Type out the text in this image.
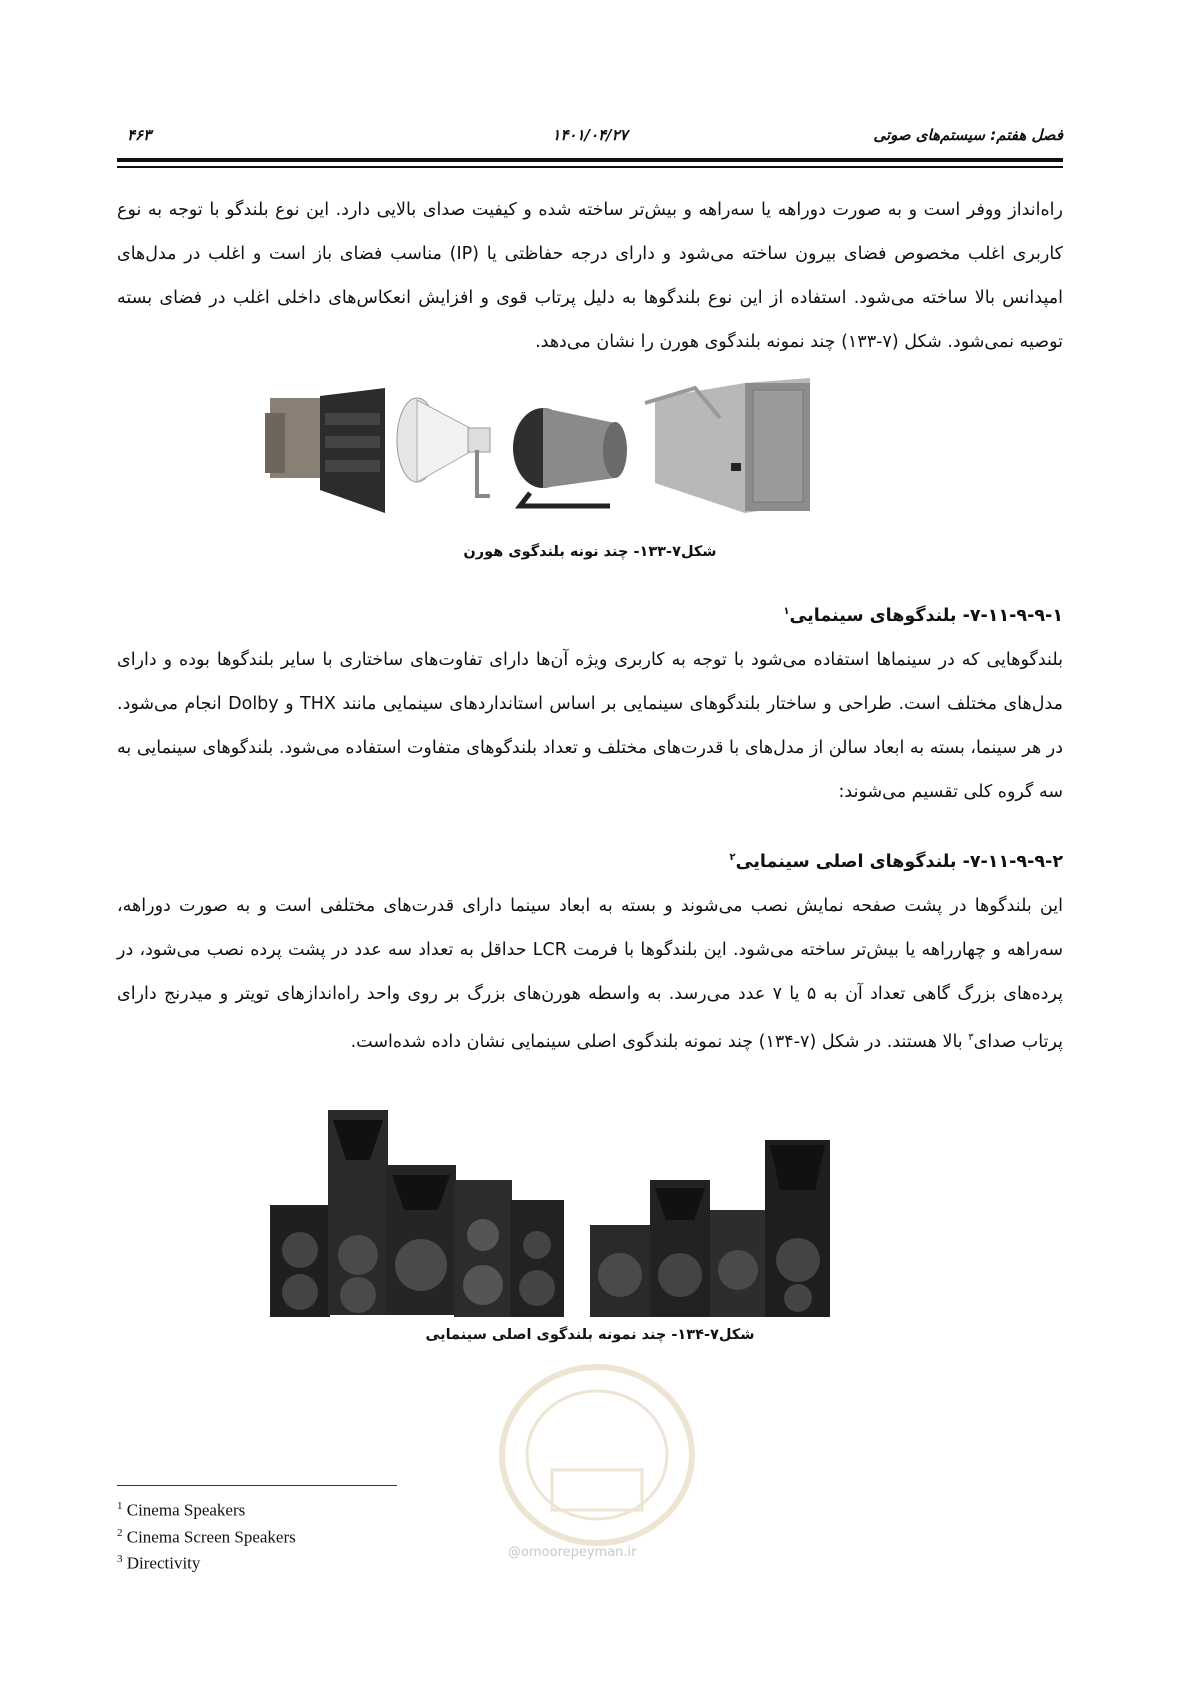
فصل هفتم: سیستم‌های صوتی
۱۴۰۱/۰۴/۲۷
۴۶۳

راه‌انداز ووفر است و به صورت دوراهه یا سه‌راهه و بیش‌تر ساخته شده و کیفیت صدای بالایی دارد. این نوع بلندگو با توجه به نوع کاربری اغلب مخصوص فضای بیرون ساخته می‌شود و دارای درجه حفاظتی یا (IP) مناسب فضای باز است و اغلب در مدل‌های امپدانس بالا ساخته می‌شود. استفاده از این نوع بلندگوها به دلیل پرتاب قوی و افزایش انعکاس‌های داخلی اغلب در فضای بسته توصیه نمی‌شود. شکل (۷-۱۳۳) چند نمونه بلندگوی هورن را نشان می‌دهد.

شکل۷-۱۳۳- چند نونه بلندگوی هورن
۷-۱۱-۹-۹-۱- بلندگوهای سینمایی$^۱$

بلندگوهایی که در سینماها استفاده می‌شود با توجه به کاربری ویژه آن‌ها دارای تفاوت‌های ساختاری با سایر بلندگوها بوده و دارای مدل‌های مختلف است. طراحی و ساختار بلندگوهای سینمایی بر اساس استانداردهای سینمایی مانند THX و Dolby انجام می‌شود. در هر سینما، بسته به ابعاد سالن از مدل‌های با قدرت‌های مختلف و تعداد بلندگوهای متفاوت استفاده می‌شود. بلندگوهای سینمایی به سه گروه کلی تقسیم می‌شوند:

۷-۱۱-۹-۹-۲- بلندگوهای اصلی سینمایی$^۲$

این بلندگوها در پشت صفحه نمایش نصب می‌شوند و بسته به ابعاد سینما دارای قدرت‌های مختلفی است و به صورت دوراهه، سه‌راهه و چهارراهه یا بیش‌تر ساخته می‌شود. این بلندگوها با فرمت LCR حداقل به تعداد سه عدد در پشت پرده نصب می‌شود، در پرده‌های بزرگ گاهی تعداد آن به ۵ یا ۷ عدد می‌رسد. به واسطه هورن‌های بزرگ بر روی واحد راه‌اندازهای تویتر و میدرنج دارای پرتاب صدای$^۳$ بالا هستند. در شکل (۷-۱۳۴) چند نمونه بلندگوی اصلی سینمایی نشان داده شده‌است.

شکل۷-۱۳۴- چند نمونه بلندگوی اصلی سینمایی
@omoorepeyman.ir
$^1$ Cinema Speakers
$^2$ Cinema Screen Speakers
$^3$ Directivity
